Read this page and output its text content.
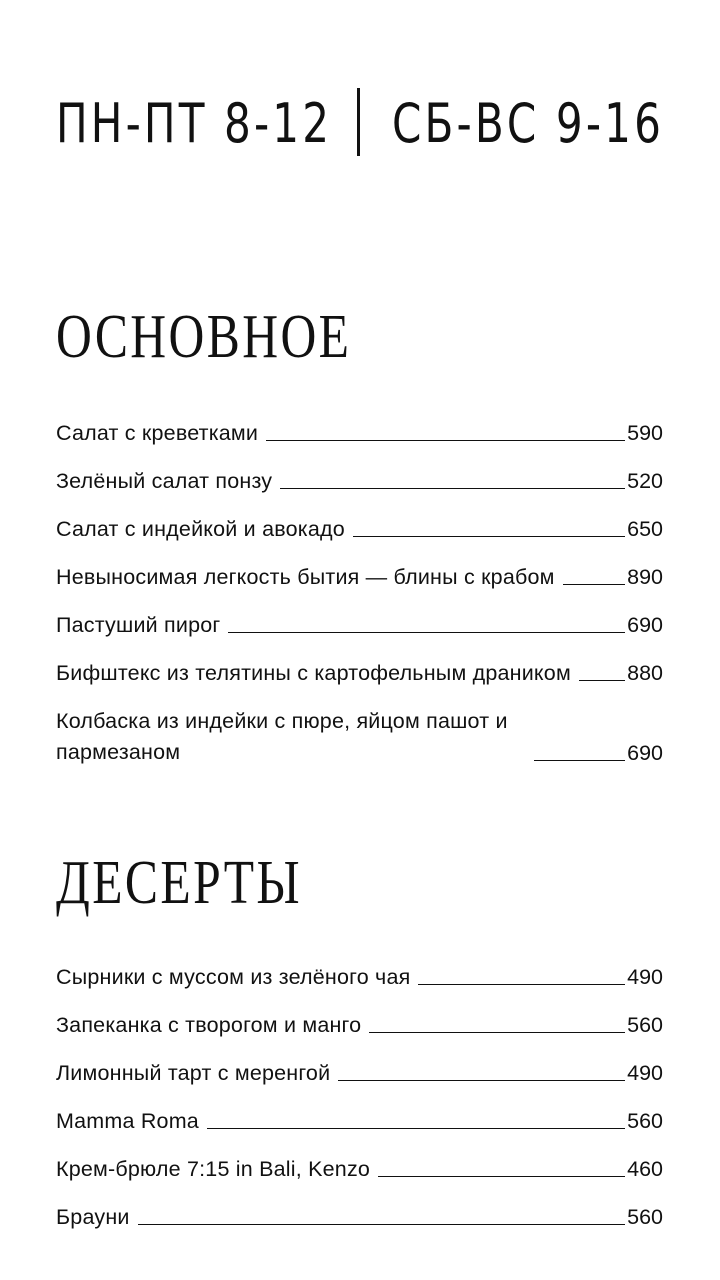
ПН-ПТ 8-12 СБ-ВС 9-16
ОСНОВНОЕ
Салат с креветками	590
Зелёный салат понзу	520
Салат с индейкой и авокадо	650
Невыносимая легкость бытия — блины с крабом	890
Пастуший пирог	690
Бифштекс из телятины с картофельным драником	880
Колбаска из индейки с пюре, яйцом пашот и пармезаном	690
ДЕСЕРТЫ
Сырники с муссом из зелёного чая	490
Запеканка с творогом и манго	560
Лимонный тарт с меренгой	490
Mamma Roma	560
Крем-брюле 7:15 in Bali, Kenzo	460
Брауни	560
